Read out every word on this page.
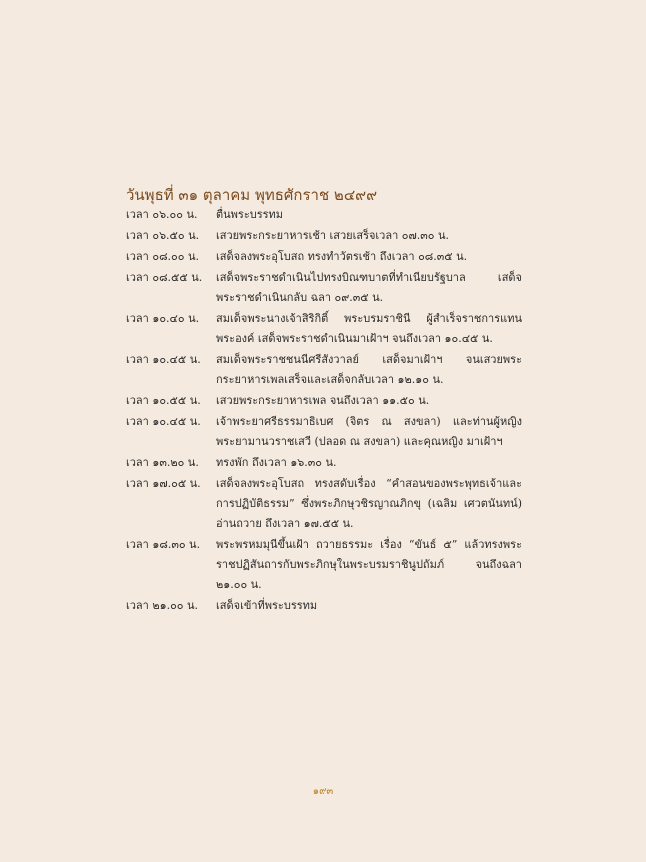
วันพุธที่ ๓๑ ตุลาคม พุทธศักราช ๒๔๙๙
เวลา ๐๖.๐๐ น.	ตื่นพระบรรทม
เวลา ๐๖.๕๐ น.	เสวยพระกระยาหารเช้า เสวยเสร็จเวลา ๐๗.๓๐ น.
เวลา ๐๘.๐๐ น.	เสด็จลงพระอุโบสถ ทรงทำวัตรเช้า ถึงเวลา ๐๘.๓๕ น.
เวลา ๐๘.๕๕ น.	เสด็จพระราชดำเนินไปทรงบิณฑบาตที่ทำเนียบรัฐบาล เสด็จพระราชดำเนินกลับ ฉลา ๐๙.๓๕ น.
เวลา ๑๐.๔๐ น.	สมเด็จพระนางเจ้าสิริกิติ์ พระบรมราชินี ผู้สำเร็จราชการแทนพระองค์ เสด็จพระราชดำเนินมาเฝ้าฯ จนถึงเวลา ๑๐.๔๕ น.
เวลา ๑๐.๔๕ น.	สมเด็จพระราชชนนีศรีสังวาลย์ เสด็จมาเฝ้าฯ จนเสวยพระกระยาหารเพลเสร็จและเสด็จกลับเวลา ๑๒.๑๐ น.
เวลา ๑๐.๕๕ น.	เสวยพระกระยาหารเพล จนถึงเวลา ๑๑.๕๐ น.
เวลา ๑๐.๔๕ น.	เจ้าพระยาศรีธรรมาธิเบศ (จิตร ณ สงขลา) และท่านผู้หญิง พระยามานวราชเสวี (ปลอด ณ สงขลา) และคุณหญิง มาเฝ้าฯ
เวลา ๑๓.๒๐ น.	ทรงพัก ถึงเวลา ๑๖.๓๐ น.
เวลา ๑๗.๐๕ น.	เสด็จลงพระอุโบสถ ทรงสดับเรื่อง “คำสอนของพระพุทธเจ้าและการปฏิบัติธรรม” ซึ่งพระภิกษุวชิรญาณภิกขุ (เฉลิม เศวตนันทน์) อ่านถวาย ถึงเวลา ๑๗.๕๕ น.
เวลา ๑๘.๓๐ น.	พระพรหมมุนีขึ้นเฝ้า ถวายธรรมะ เรื่อง “ขันธ์ ๕” แล้วทรงพระราชปฏิสันถารกับพระภิกษุในพระบรมราชินูปถัมภ์ จนถึงฉลา ๒๑.๐๐ น.
เวลา ๒๑.๐๐ น.	เสด็จเข้าที่พระบรรทม
๑๙๓
